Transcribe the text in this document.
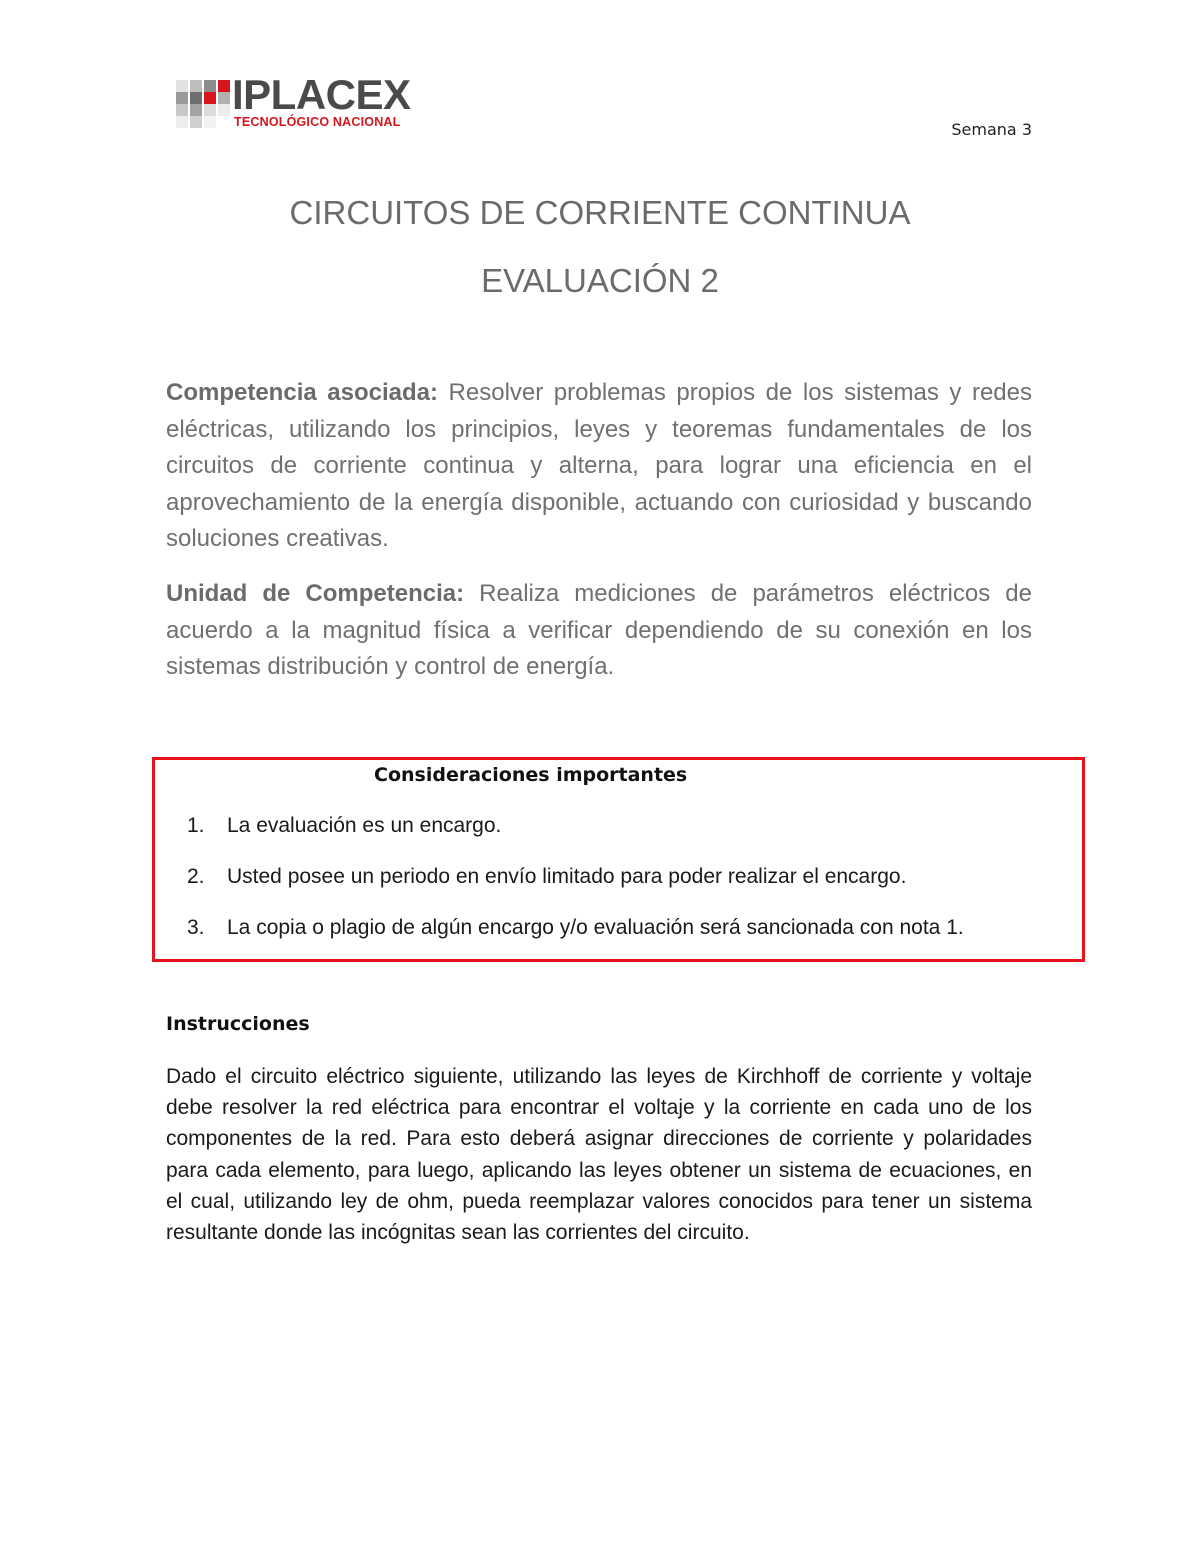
IPLACEX
TECNOLÓGICO NACIONAL	Semana 3
CIRCUITOS DE CORRIENTE CONTINUA
EVALUACIÓN 2

Competencia asociada: Resolver problemas propios de los sistemas y redes eléctricas, utilizando los principios, leyes y teoremas fundamentales de los circuitos de corriente continua y alterna, para lograr una eficiencia en el aprovechamiento de la energía disponible, actuando con curiosidad y buscando soluciones creativas.

Unidad de Competencia: Realiza mediciones de parámetros eléctricos de acuerdo a la magnitud física a verificar dependiendo de su conexión en los sistemas distribución y control de energía.

Consideraciones importantes
1. La evaluación es un encargo.
2. Usted posee un periodo en envío limitado para poder realizar el encargo.
3. La copia o plagio de algún encargo y/o evaluación será sancionada con nota 1.
Instrucciones

Dado el circuito eléctrico siguiente, utilizando las leyes de Kirchhoff de corriente y voltaje debe resolver la red eléctrica para encontrar el voltaje y la corriente en cada uno de los componentes de la red. Para esto deberá asignar direcciones de corriente y polaridades para cada elemento, para luego, aplicando las leyes obtener un sistema de ecuaciones, en el cual, utilizando ley de ohm, pueda reemplazar valores conocidos para tener un sistema resultante donde las incógnitas sean las corrientes del circuito.
